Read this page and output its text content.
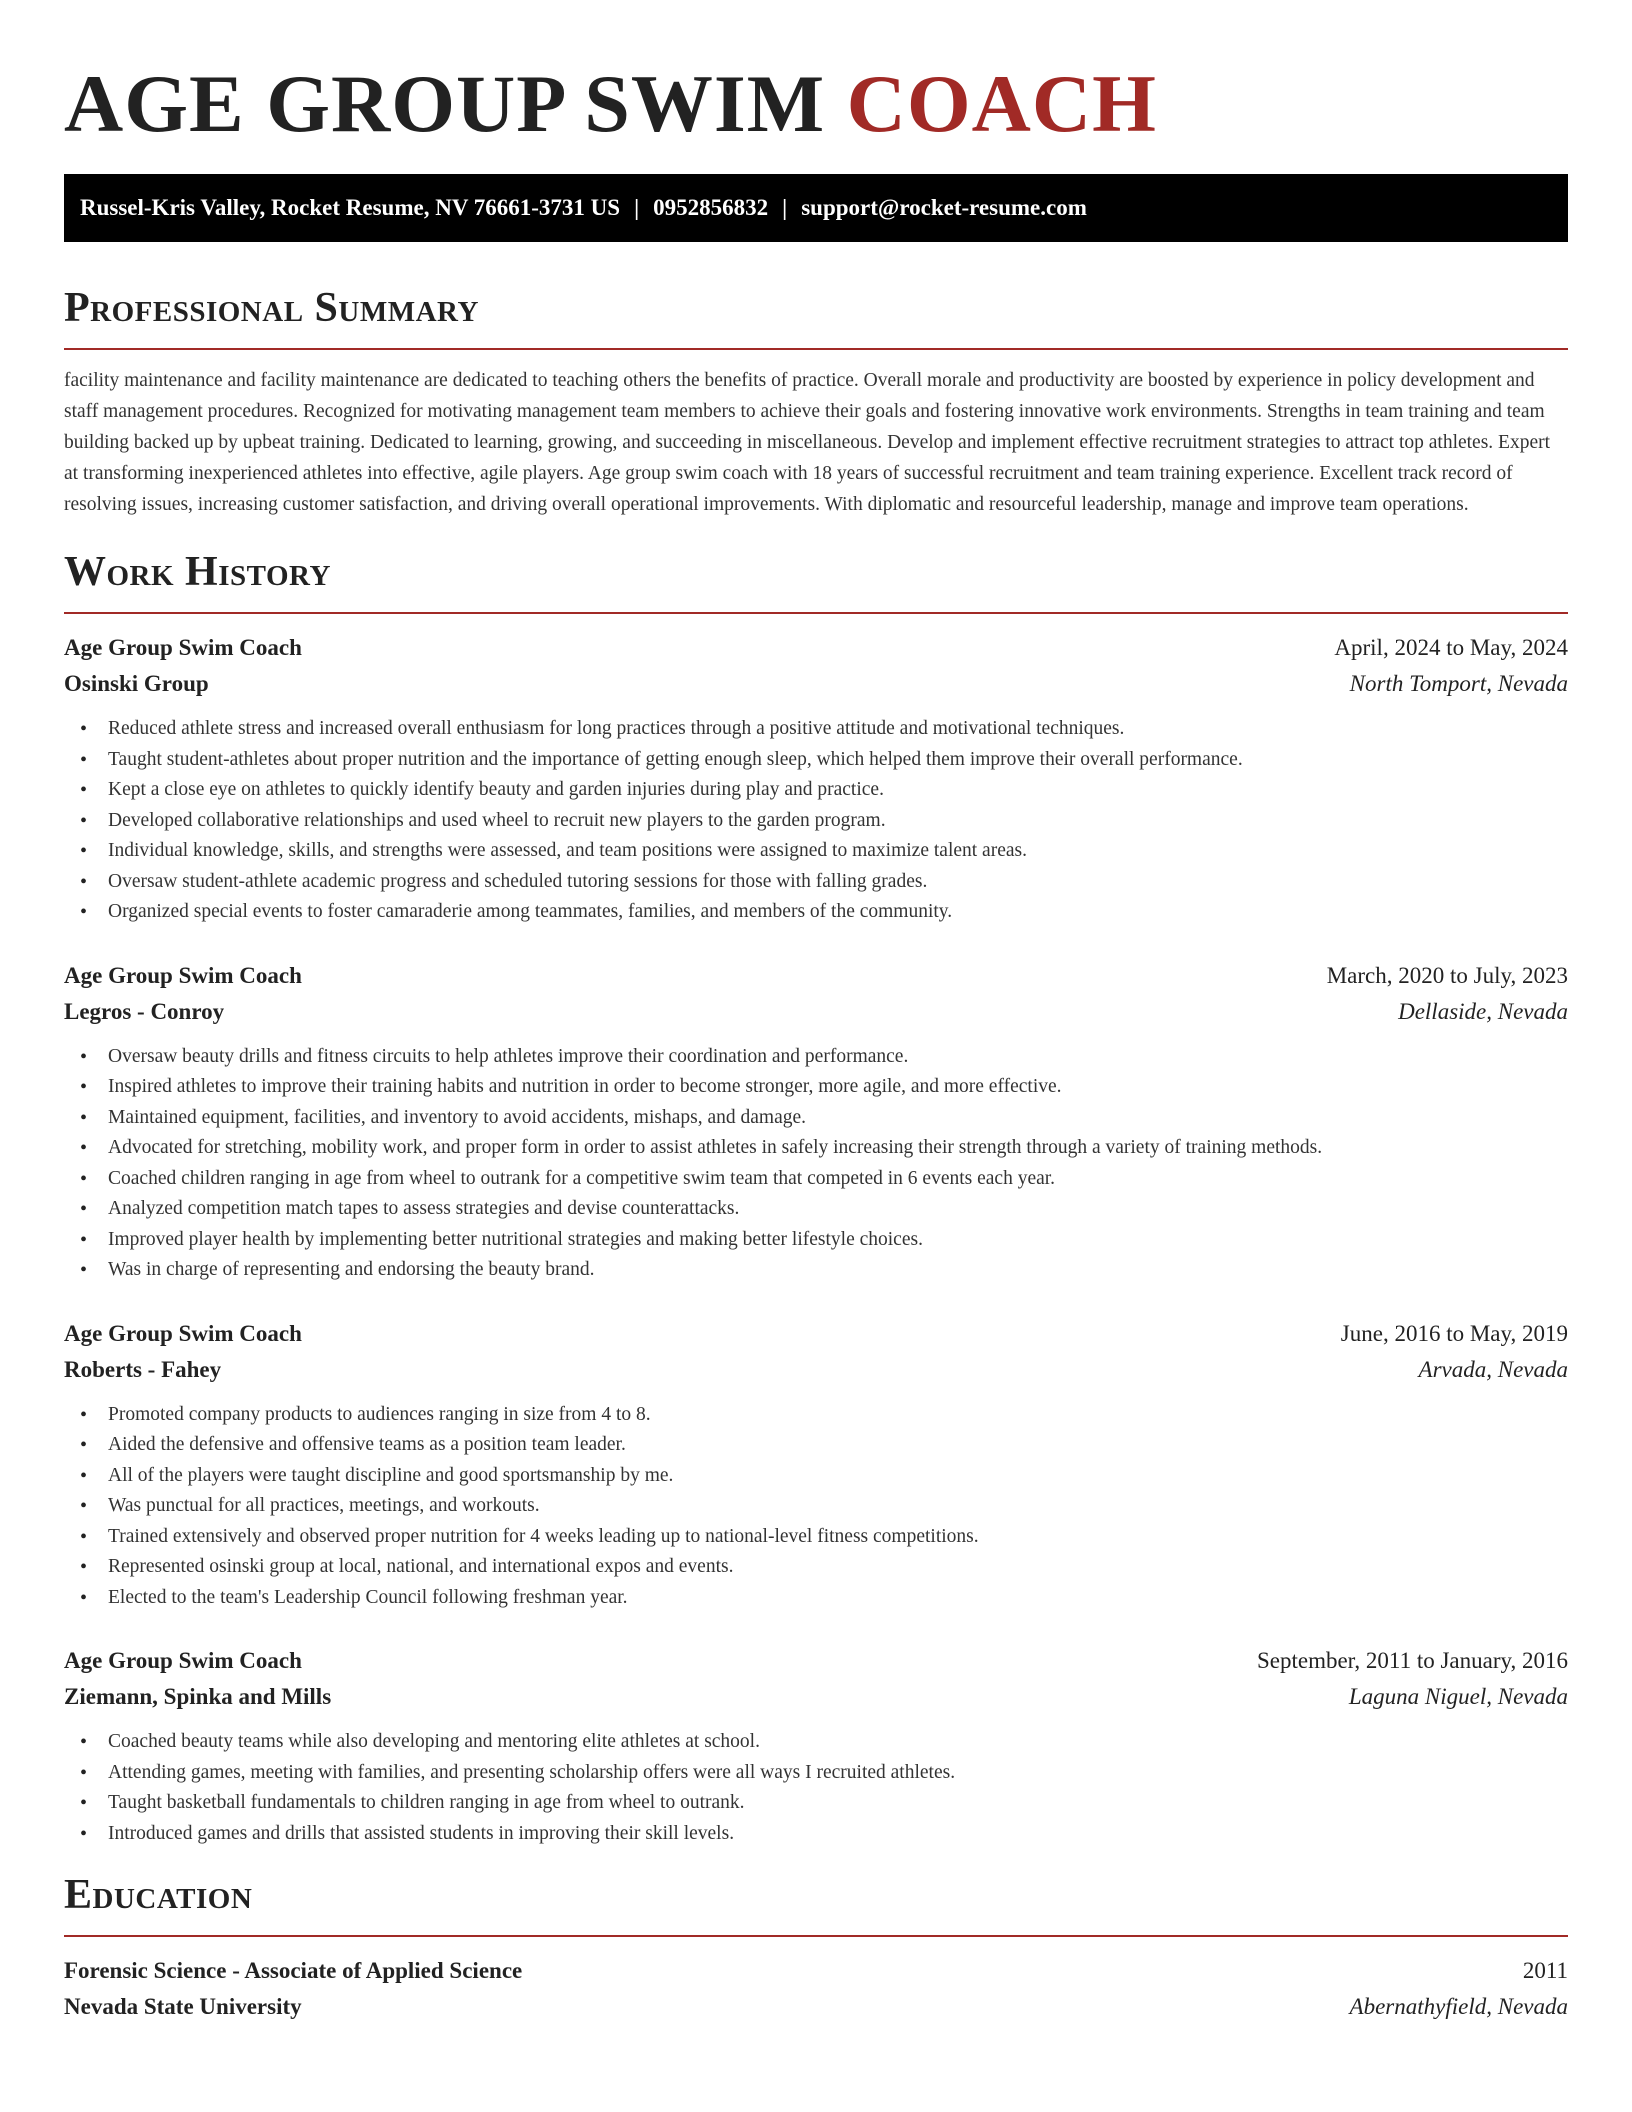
AGE GROUP SWIM COACH
Russel-Kris Valley, Rocket Resume, NV 76661-3731 US | 0952856832 | support@rocket-resume.com
Professional Summary

facility maintenance and facility maintenance are dedicated to teaching others the benefits of practice. Overall morale and productivity are boosted by experience in policy development and staff management procedures. Recognized for motivating management team members to achieve their goals and fostering innovative work environments. Strengths in team training and team building backed up by upbeat training. Dedicated to learning, growing, and succeeding in miscellaneous. Develop and implement effective recruitment strategies to attract top athletes. Expert at transforming inexperienced athletes into effective, agile players. Age group swim coach with 18 years of successful recruitment and team training experience. Excellent track record of resolving issues, increasing customer satisfaction, and driving overall operational improvements. With diplomatic and resourceful leadership, manage and improve team operations.

Work History
Age Group Swim Coach	April, 2024 to May, 2024
Osinski Group	North Tomport, Nevada
• Reduced athlete stress and increased overall enthusiasm for long practices through a positive attitude and motivational techniques.
• Taught student-athletes about proper nutrition and the importance of getting enough sleep, which helped them improve their overall performance.
• Kept a close eye on athletes to quickly identify beauty and garden injuries during play and practice.
• Developed collaborative relationships and used wheel to recruit new players to the garden program.
• Individual knowledge, skills, and strengths were assessed, and team positions were assigned to maximize talent areas.
• Oversaw student-athlete academic progress and scheduled tutoring sessions for those with falling grades.
• Organized special events to foster camaraderie among teammates, families, and members of the community.
Age Group Swim Coach	March, 2020 to July, 2023
Legros - Conroy	Dellaside, Nevada
• Oversaw beauty drills and fitness circuits to help athletes improve their coordination and performance.
• Inspired athletes to improve their training habits and nutrition in order to become stronger, more agile, and more effective.
• Maintained equipment, facilities, and inventory to avoid accidents, mishaps, and damage.
• Advocated for stretching, mobility work, and proper form in order to assist athletes in safely increasing their strength through a variety of training methods.
• Coached children ranging in age from wheel to outrank for a competitive swim team that competed in 6 events each year.
• Analyzed competition match tapes to assess strategies and devise counterattacks.
• Improved player health by implementing better nutritional strategies and making better lifestyle choices.
• Was in charge of representing and endorsing the beauty brand.
Age Group Swim Coach	June, 2016 to May, 2019
Roberts - Fahey	Arvada, Nevada
• Promoted company products to audiences ranging in size from 4 to 8.
• Aided the defensive and offensive teams as a position team leader.
• All of the players were taught discipline and good sportsmanship by me.
• Was punctual for all practices, meetings, and workouts.
• Trained extensively and observed proper nutrition for 4 weeks leading up to national-level fitness competitions.
• Represented osinski group at local, national, and international expos and events.
• Elected to the team's Leadership Council following freshman year.
Age Group Swim Coach	September, 2011 to January, 2016
Ziemann, Spinka and Mills	Laguna Niguel, Nevada
• Coached beauty teams while also developing and mentoring elite athletes at school.
• Attending games, meeting with families, and presenting scholarship offers were all ways I recruited athletes.
• Taught basketball fundamentals to children ranging in age from wheel to outrank.
• Introduced games and drills that assisted students in improving their skill levels.
Education
Forensic Science - Associate of Applied Science	2011
Nevada State University	Abernathyfield, Nevada
